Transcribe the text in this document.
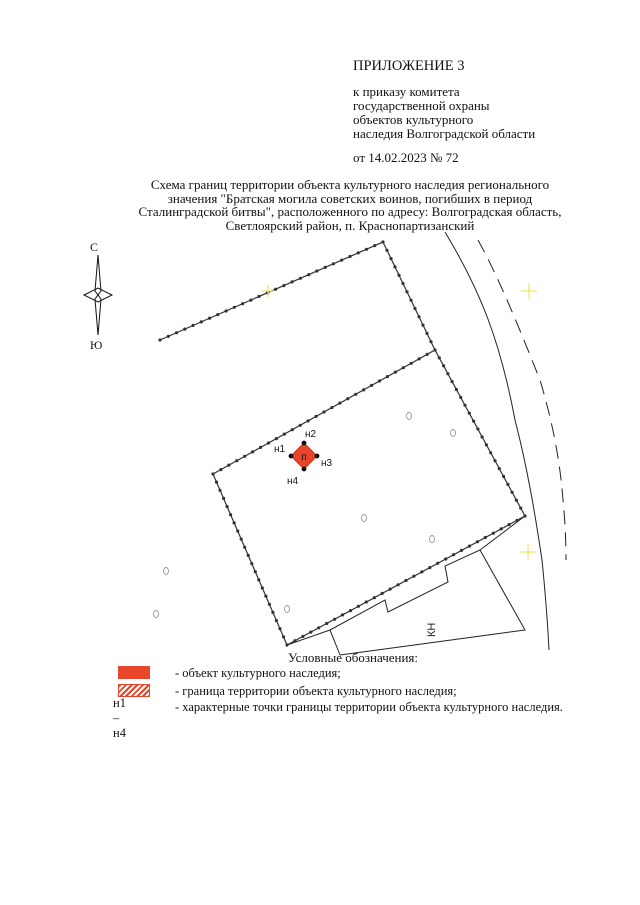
ПРИЛОЖЕНИЕ 3
к приказу комитета
государственной охраны
объектов культурного
наследия Волгоградской области
от 14.02.2023 № 72
Схема границ территории объекта культурного наследия регионального
значения "Братская могила советских воинов, погибших в период
Сталинградской битвы", расположенного по адресу: Волгоградская область,
Светлоярский район, п. Краснопартизанский
С
Ю
КН
п
н1
н2
н3
н4
Условные обозначения:
- объект культурного наследия;
- граница территории объекта культурного наследия;
н1 – н4
- характерные точки границы территории объекта культурного наследия.
